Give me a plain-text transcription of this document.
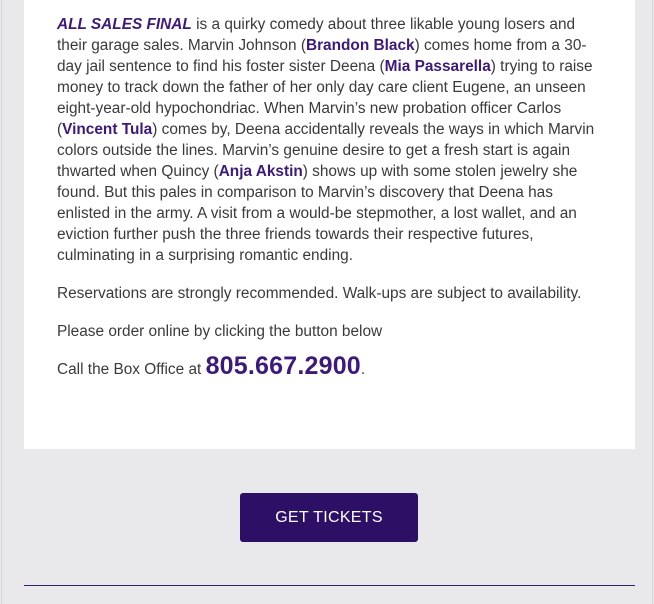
ALL SALES FINAL is a quirky comedy about three likable young losers and their garage sales. Marvin Johnson (Brandon Black) comes home from a 30-day jail sentence to find his foster sister Deena (Mia Passarella) trying to raise money to track down the father of her only day care client Eugene, an unseen eight-year-old hypochondriac. When Marvin’s new probation officer Carlos (Vincent Tula) comes by, Deena accidentally reveals the ways in which Marvin colors outside the lines. Marvin’s genuine desire to get a fresh start is again thwarted when Quincy (Anja Akstin) shows up with some stolen jewelry she found. But this pales in comparison to Marvin’s discovery that Deena has enlisted in the army. A visit from a would-be stepmother, a lost wallet, and an eviction further push the three friends towards their respective futures, culminating in a surprising romantic ending.

Reservations are strongly recommended. Walk-ups are subject to availability.

Please order online by clicking the button below

Call the Box Office at 805.667.2900.

GET TICKETS
